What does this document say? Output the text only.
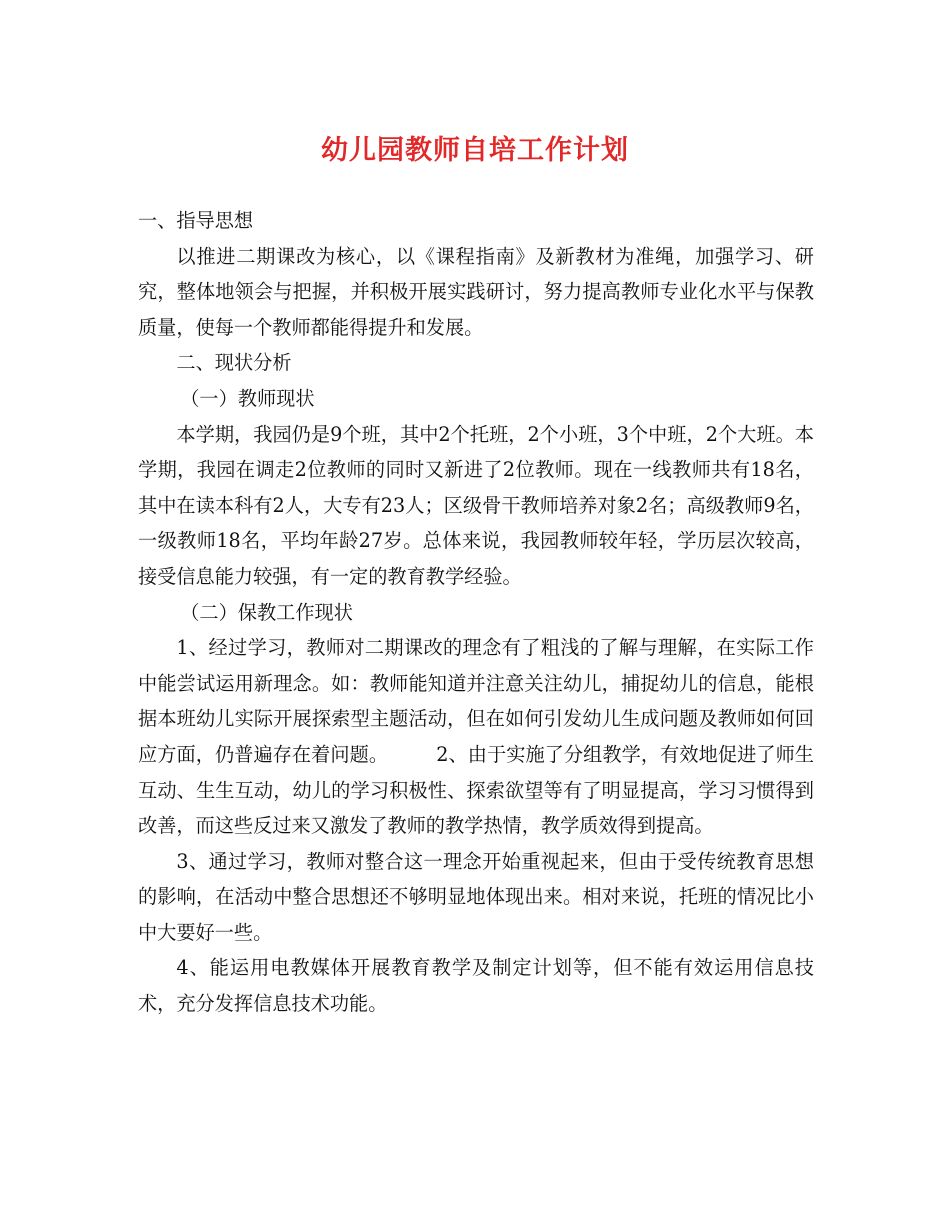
幼儿园教师自培工作计划

一、指导思想

以推进二期课改为核心，以《课程指南》及新教材为准绳，加强学习、研究，整体地领会与把握，并积极开展实践研讨，努力提高教师专业化水平与保教质量，使每一个教师都能得提升和发展。

二、现状分析

（一）教师现状

本学期，我园仍是9个班，其中2个托班，2个小班，3个中班，2个大班。本学期，我园在调走2位教师的同时又新进了2位教师。现在一线教师共有18名，其中在读本科有2人，大专有23人；区级骨干教师培养对象2名；高级教师9名，一级教师18名，平均年龄27岁。总体来说，我园教师较年轻，学历层次较高，接受信息能力较强，有一定的教育教学经验。

（二）保教工作现状

1、经过学习，教师对二期课改的理念有了粗浅的了解与理解，在实际工作中能尝试运用新理念。如：教师能知道并注意关注幼儿，捕捉幼儿的信息，能根据本班幼儿实际开展探索型主题活动，但在如何引发幼儿生成问题及教师如何回应方面，仍普遍存在着问题。　　　2、由于实施了分组教学，有效地促进了师生互动、生生互动，幼儿的学习积极性、探索欲望等有了明显提高，学习习惯得到改善，而这些反过来又激发了教师的教学热情，教学质效得到提高。

3、通过学习，教师对整合这一理念开始重视起来，但由于受传统教育思想的影响，在活动中整合思想还不够明显地体现出来。相对来说，托班的情况比小中大要好一些。

4、能运用电教媒体开展教育教学及制定计划等，但不能有效运用信息技术，充分发挥信息技术功能。
